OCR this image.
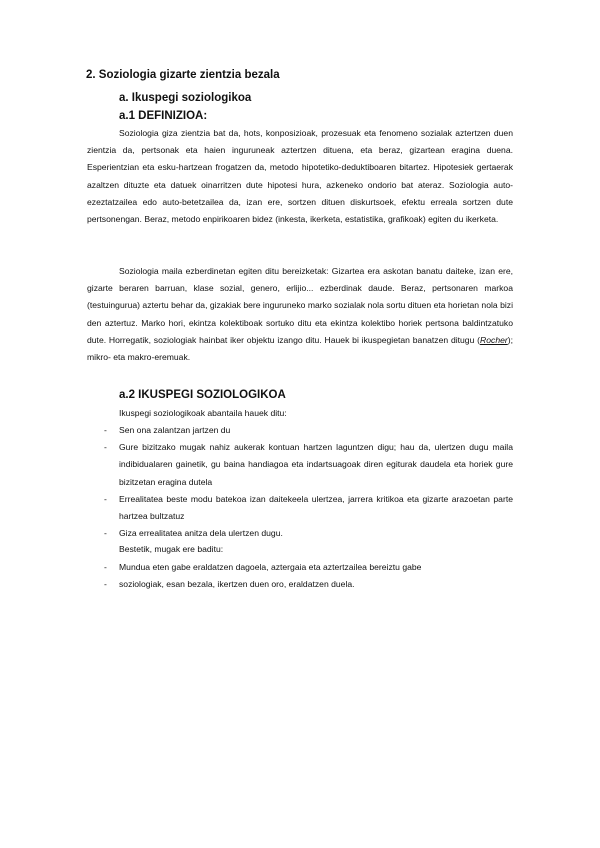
2. Soziologia gizarte zientzia bezala
a. Ikuspegi soziologikoa
a.1 DEFINIZIOA:

Soziologia giza zientzia bat da, hots, konposizioak, prozesuak eta fenomeno sozialak aztertzen duen zientzia da, pertsonak eta haien inguruneak aztertzen dituena, eta beraz, gizartean eragina duena. Esperientzian eta esku-hartzean frogatzen da, metodo hipotetiko-deduktiboaren bitartez. Hipotesiek gertaerak azaltzen dituzte eta datuek oinarritzen dute hipotesi hura, azkeneko ondorio bat ateraz. Soziologia auto-ezeztatzailea edo auto-betetzailea da, izan ere, sortzen dituen diskurtsoek, efektu erreala sortzen dute pertsonengan. Beraz, metodo enpirikoaren bidez (inkesta, ikerketa, estatistika, grafikoak) egiten du ikerketa.

Soziologia maila ezberdinetan egiten ditu bereizketak: Gizartea era askotan banatu daiteke, izan ere, gizarte beraren barruan, klase sozial, genero, erlijio... ezberdinak daude. Beraz, pertsonaren markoa (testuingurua) aztertu behar da, gizakiak bere inguruneko marko sozialak nola sortu dituen eta horietan nola bizi den aztertuz. Marko hori, ekintza kolektiboak sortuko ditu eta ekintza kolektibo horiek pertsona baldintzatuko dute. Horregatik, soziologiak hainbat iker objektu izango ditu. Hauek bi ikuspegietan banatzen ditugu (Rocher); mikro- eta makro-eremuak.

a.2 IKUSPEGI SOZIOLOGIKOA

Ikuspegi soziologikoak abantaila hauek ditu:

- Sen ona zalantzan jartzen du
- Gure bizitzako mugak nahiz aukerak kontuan hartzen laguntzen digu; hau da, ulertzen dugu maila indibidualaren gainetik, gu baina handiagoa eta indartsuagoak diren egiturak daudela eta horiek gure bizitzetan eragina dutela
- Errealitatea beste modu batekoa izan daitekeela ulertzea, jarrera kritikoa eta gizarte arazoetan parte hartzea bultzatuz
- Giza errealitatea anitza dela ulertzen dugu.

Bestetik, mugak ere baditu:

- Mundua eten gabe eraldatzen dagoela, aztergaia eta aztertzailea bereiztu gabe
- soziologiak, esan bezala, ikertzen duen oro, eraldatzen duela.
